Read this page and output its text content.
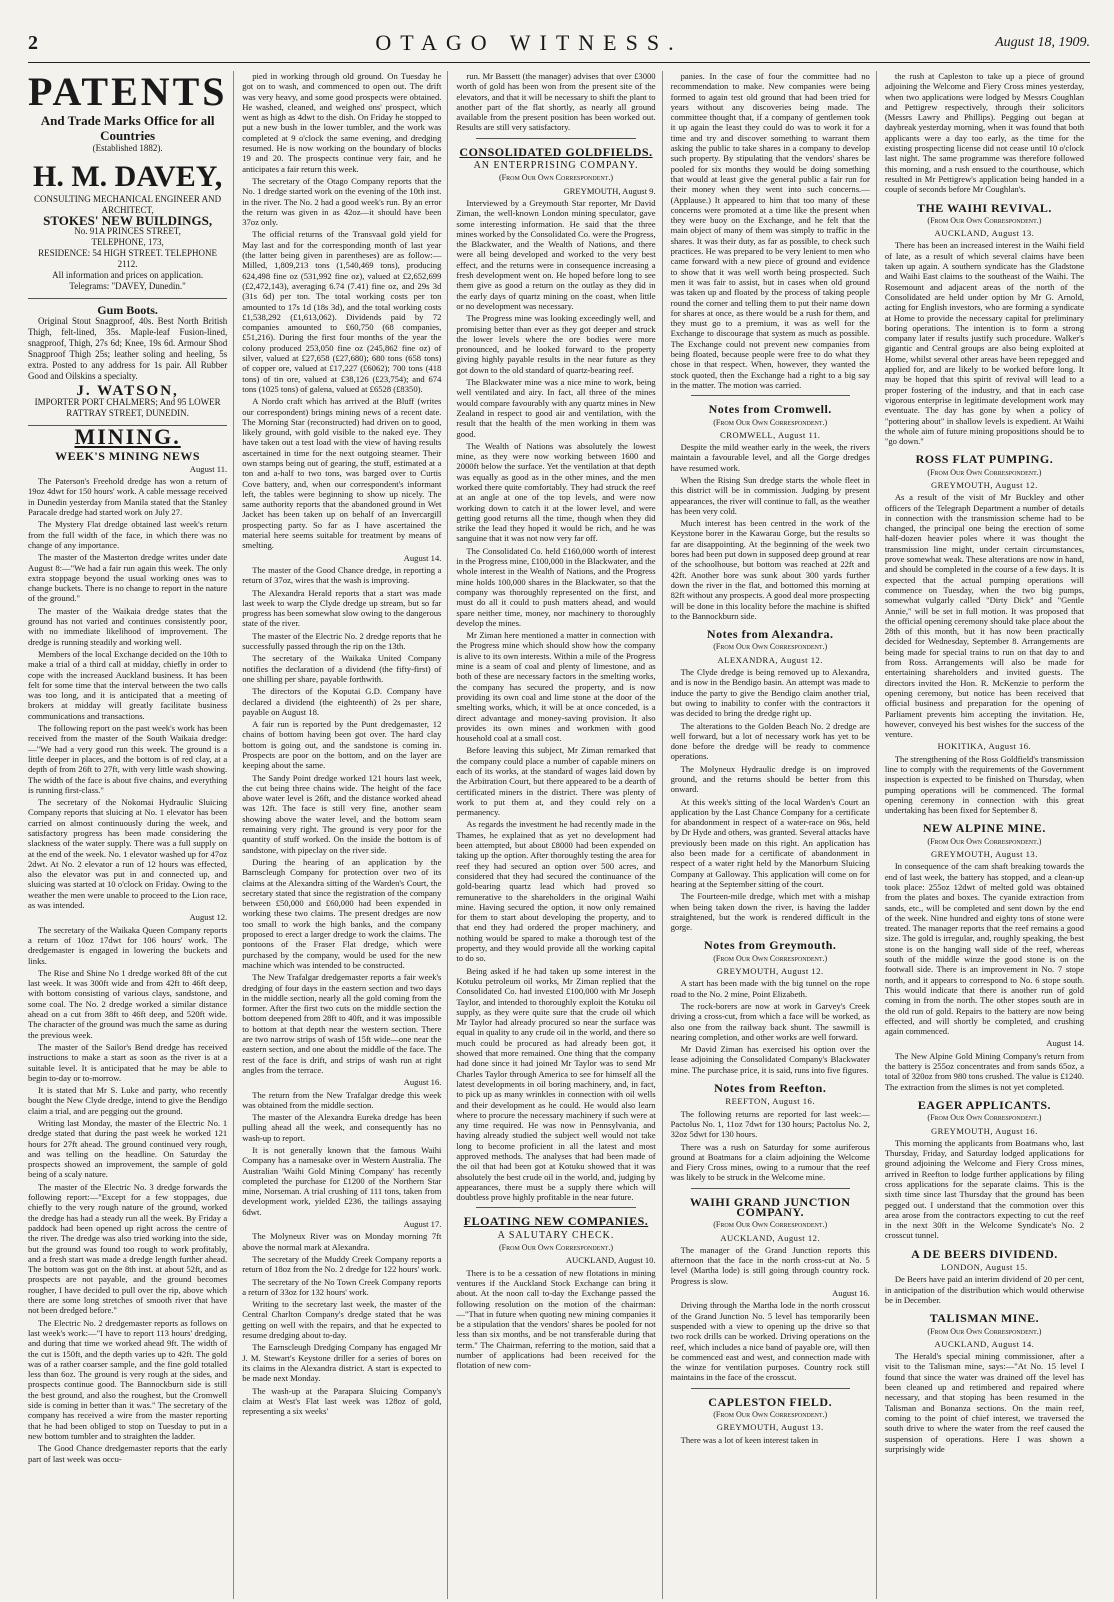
2	OTAGO WITNESS.	August 18, 1909.
PATENTS
And Trade Marks Office for all Countries
(Established 1882).
H. M. DAVEY,
CONSULTING MECHANICAL ENGINEER AND ARCHITECT,
STOKES' NEW BUILDINGS,
No. 91A PRINCES STREET,
TELEPHONE, 173,
RESIDENCE: 54 HIGH STREET. TELEPHONE 2112.
All information and prices on application.
Telegrams: "DAVEY, Dunedin."
Gum Boots.

Original Stout Snagproof, 40s. Best North British Thigh, felt-lined, 35s. Maple-leaf Fusion-lined, snagproof, Thigh, 27s 6d; Knee, 19s 6d. Armour Shod Snagproof Thigh 25s; leather soling and heeling, 5s extra. Posted to any address for 1s pair. All Rubber Good and Oilskins a specialty.

J. WATSON,
IMPORTER PORT CHALMERS; And 95 LOWER RATTRAY STREET, DUNEDIN.
MINING.
WEEK'S MINING NEWS
August 11.

The Paterson's Freehold dredge has won a return of 19oz 4dwt for 150 hours' work. A cable message received in Dunedin yesterday from Manila stated that the Stanley Paracale dredge had started work on July 27.

The Mystery Flat dredge obtained last week's return from the full width of the face, in which there was no change of any importance.

The master of the Masterton dredge writes under date August 8:—"We had a fair run again this week. The only extra stoppage beyond the usual working ones was to change buckets. There is no change to report in the nature of the ground."

The master of the Waikaia dredge states that the ground has not varied and continues consistently poor, with no immediate likelihood of improvement. The dredge is running steadily and working well.

Members of the local Exchange decided on the 10th to make a trial of a third call at midday, chiefly in order to cope with the increased Auckland business. It has been felt for some time that the interval between the two calls was too long, and it is anticipated that a meeting of brokers at midday will greatly facilitate business communications and transactions.

The following report on the past week's work has been received from the master of the South Waikaia dredge:—"We had a very good run this week. The ground is a little deeper in places, and the bottom is of red clay, at a depth of from 26ft to 27ft, with very little wash showing. The width of the face is about five chains, and everything is running first-class."

The secretary of the Nokomai Hydraulic Sluicing Company reports that sluicing at No. 1 elevator has been carried on almost continuously during the week, and satisfactory progress has been made considering the slackness of the water supply. There was a full supply on at the end of the week. No. 1 elevator washed up for 47oz 2dwt. At No. 2 elevator a run of 12 hours was effected, also the elevator was put in and connected up, and sluicing was started at 10 o'clock on Friday. Owing to the weather the men were unable to proceed to the Lion race, as was intended.

August 12.

The secretary of the Waikaka Queen Company reports a return of 10oz 17dwt for 106 hours' work. The dredgemaster is engaged in lowering the buckets and links.

The Rise and Shine No 1 dredge worked 8ft of the cut last week. It was 300ft wide and from 42ft to 46ft deep, with bottom consisting of various clays, sandstone, and some coal. The No. 2 dredge worked a similar distance ahead on a cut from 38ft to 46ft deep, and 520ft wide. The character of the ground was much the same as during the previous week.

The master of the Sailor's Bend dredge has received instructions to make a start as soon as the river is at a suitable level. It is anticipated that he may be able to begin to-day or to-morrow.

It is stated that Mr S. Luke and party, who recently bought the New Clyde dredge, intend to give the Bendigo claim a trial, and are pegging out the ground.

Writing last Monday, the master of the Electric No. 1 dredge stated that during the past week he worked 121 hours for 27ft ahead. The ground continued very rough, and was telling on the headline. On Saturday the prospects showed an improvement, the sample of gold being of a scaly nature.

The master of the Electric No. 3 dredge forwards the following report:—"Except for a few stoppages, due chiefly to the very rough nature of the ground, worked the dredge has had a steady run all the week. By Friday a paddock had been opened up right across the centre of the river. The dredge was also tried working into the side, but the ground was found too rough to work profitably, and a fresh start was made a dredge length further ahead. The bottom was got on the 8th inst. at about 52ft, and as prospects are not payable, and the ground becomes rougher, I have decided to pull over the rip, above which there are some long stretches of smooth river that have not been dredged before."

The Electric No. 2 dredgemaster reports as follows on last week's work:—"I have to report 113 hours' dredging, and during that time we worked ahead 9ft. The width of the cut is 150ft, and the depth varies up to 42ft. The gold was of a rather coarser sample, and the fine gold totalled less than 6oz. The ground is very rough at the sides, and prospects continue good. The Bannockburn side is still the best ground, and also the roughest, but the Cromwell side is coming in better than it was." The secretary of the company has received a wire from the master reporting that he had been obliged to stop on Tuesday to put in a new bottom tumbler and to straighten the ladder.

The Good Chance dredgemaster reports that the early part of last week was occu-

pied in working through old ground. On Tuesday he got on to wash, and commenced to open out. The drift was very heavy, and some good prospects were obtained. He washed, cleaned, and weighed ons' prospect, which went as high as 4dwt to the dish. On Friday he stopped to put a new bush in the lower tumbler, and the work was completed at 9 o'clock the same evening, and dredging resumed. He is now working on the boundary of blocks 19 and 20. The prospects continue very fair, and he anticipates a fair return this week.

The secretary of the Otago Company reports that the No. 1 dredge started work on the evening of the 10th inst. in the river. The No. 2 had a good week's run. By an error the return was given in as 42oz—it should have been 37oz only.

The official returns of the Transvaal gold yield for May last and for the corresponding month of last year (the latter being given in parentheses) are as follow:—Milled, 1,809,213 tons (1,540,469 tons), producing 624,498 fine oz (531,992 fine oz), valued at £2,652,699 (£2,472,143), averaging 6.74 (7.41) fine oz, and 29s 3d (31s 6d) per ton. The total working costs per ton amounted to 17s 1d (18s 3d), and the total working costs £1,538,292 (£1,613,062). Dividends paid by 72 companies amounted to £60,750 (68 companies, £51,216). During the first four months of the year the colony produced 253,050 fine oz (245,862 fine oz) of silver, valued at £27,658 (£27,680); 680 tons (658 tons) of copper ore, valued at £17,227 (£6062); 700 tons (418 tons) of tin ore, valued at £38,126 (£23,754); and 674 tons (1025 tons) of galena, valued at £6528 (£8350).

A Nordo craft which has arrived at the Bluff (writes our correspondent) brings mining news of a recent date. The Morning Star (reconstructed) had driven on to good, likely ground, with gold visible to the naked eye. They have taken out a test load with the view of having results ascertained in time for the next outgoing steamer. Their own stamps being out of gearing, the stuff, estimated at a ton and a-half to two tons, was barged over to Curtis Cove battery, and, when our correspondent's informant left, the tables were beginning to show up nicely. The same authority reports that the abandoned ground in Wet Jacket has been taken up on behalf of an Invercargill prospecting party. So far as I have ascertained the material here seems suitable for treatment by means of smelting.

August 14.

The master of the Good Chance dredge, in reporting a return of 37oz, wires that the wash is improving.

The Alexandra Herald reports that a start was made last week to warp the Clyde dredge up stream, but so far progress has been somewhat slow owing to the dangerous state of the river.

The master of the Electric No. 2 dredge reports that he successfully passed through the rip on the 13th.

The secretary of the Waikaka United Company notifies the declaration of a dividend (the fifty-first) of one shilling per share, payable forthwith.

The directors of the Koputai G.D. Company have declared a dividend (the eighteenth) of 2s per share, payable on August 18.

A fair run is reported by the Punt dredgemaster, 12 chains of bottom having been got over. The hard clay bottom is going out, and the sandstone is coming in. Prospects are poor on the bottom, and on the layer are keeping about the same.

The Sandy Point dredge worked 121 hours last week, the cut being three chains wide. The height of the face above water level is 26ft, and the distance worked ahead was 12ft. The face is still very fine, another seam showing above the water level, and the bottom seam remaining very right. The ground is very poor for the quantity of stuff worked. On the inside the bottom is of sandstone, with pipeclay on the river side.

During the hearing of an application by the Barnscleugh Company for protection over two of its claims at the Alexandra sitting of the Warden's Court, the secretary stated that since the registration of the company between £50,000 and £60,000 had been expended in working these two claims. The present dredges are now too small to work the high banks, and the company proposed to erect a larger dredge to work the claims. The pontoons of the Fraser Flat dredge, which were purchased by the company, would be used for the new machine which was intended to be constructed.

The New Trafalgar dredgemaster reports a fair week's dredging of four days in the eastern section and two days in the middle section, nearly all the gold coming from the former. After the first two cuts on the middle section the bottom deepened from 28ft to 40ft, and it was impossible to bottom at that depth near the western section. There are two narrow strips of wash of 15ft wide—one near the eastern section, and one about the middle of the face. The rest of the face is drift, and strips of wash run at right angles from the terrace.

August 16.

The return from the New Trafalgar dredge this week was obtained from the middle section.

The master of the Alexandra Eureka dredge has been pulling ahead all the week, and consequently has no wash-up to report.

It is not generally known that the famous Waihi Company has a namesake over in Western Australia. The Australian 'Waihi Gold Mining Company' has recently completed the purchase for £1200 of the Northern Star mine, Norseman. A trial crushing of 111 tons, taken from development work, yielded £236, the tailings assaying 6dwt.

August 17.

The Molyneux River was on Monday morning 7ft above the normal mark at Alexandra.

The secretary of the Muddy Creek Company reports a return of 18oz from the No. 2 dredge for 122 hours' work.

The secretary of the No Town Creek Company reports a return of 33oz for 132 hours' work.

Writing to the secretary last week, the master of the Central Charlton Company's dredge stated that he was getting on well with the repairs, and that he expected to resume dredging about to-day.

The Earnscleugh Dredging Company has engaged Mr J. M. Stewart's Keystone driller for a series of bores on its claims in the Alexandra district. A start is expected to be made next Monday.

The wash-up at the Parapara Sluicing Company's claim at West's Flat last week was 128oz of gold, representing a six weeks'

run. Mr Bassett (the manager) advises that over £3000 worth of gold has been won from the present site of the elevators, and that it will be necessary to shift the plant to another part of the flat shortly, as nearly all ground available from the present position has been worked out. Results are still very satisfactory.

CONSOLIDATED GOLDFIELDS.
AN ENTERPRISING COMPANY.
(From Our Own Correspondent.)
GREYMOUTH, August 9.

Interviewed by a Greymouth Star reporter, Mr David Ziman, the well-known London mining speculator, gave some interesting information. He said that the three mines worked by the Consolidated Co. were the Progress, the Blackwater, and the Wealth of Nations, and there were all being developed and worked to the very best effect, and the returns were in consequence increasing a fresh development went on. He hoped before long to see them give as good a return on the outlay as they did in the early days of quartz mining on the coast, when little or no development was necessary.

The Progress mine was looking exceedingly well, and promising better than ever as they got deeper and struck the lower levels where the ore bodies were more pronounced, and he looked forward to the property giving highly payable results in the near future as they got down to the old standard of quartz-bearing reef.

The Blackwater mine was a nice mine to work, being well ventilated and airy. In fact, all three of the mines would compare favourably with any quartz mines in New Zealand in respect to good air and ventilation, with the result that the health of the men working in them was good.

The Wealth of Nations was absolutely the lowest mine, as they were now working between 1600 and 2000ft below the surface. Yet the ventilation at that depth was equally as good as in the other mines, and the men worked there quite comfortably. They had struck the reef at an angle at one of the top levels, and were now working down to catch it at the lower level, and were getting good returns all the time, though when they did strike the lead they hoped it would be rich, and he was sanguine that it was not now very far off.

The Consolidated Co. held £160,000 worth of interest in the Progress mine, £100,000 in the Blackwater, and the whole interest in the Wealth of Nations, and the Progress mine holds 100,000 shares in the Blackwater, so that the company was thoroughly represented on the first, and must do all it could to push matters ahead, and would spare neither time, money, nor machinery to thoroughly develop the mines.

Mr Ziman here mentioned a matter in connection with the Progress mine which should show how the company is alive to its own interests. Within a mile of the Progress mine is a seam of coal and plenty of limestone, and as both of these are necessary factors in the smelting works, the company has secured the property, and is now providing its own coal and lime stone at the door of the smelting works, which, it will be at once conceded, is a direct advantage and money-saving provision. It also provides its own mines and workmen with good household coal at a small cost.

Before leaving this subject, Mr Ziman remarked that the company could place a number of capable miners on each of its works, at the standard of wages laid down by the Arbitration Court, but there appeared to be a dearth of certificated miners in the district. There was plenty of work to put them at, and they could rely on a permanency.

As regards the investment he had recently made in the Thames, he explained that as yet no development had been attempted, but about £8000 had been expended on taking up the option. After thoroughly testing the area for reef they had secured an option over 500 acres, and considered that they had secured the continuance of the gold-bearing quartz lead which had proved so remunerative to the shareholders in the original Waihi mine. Having secured the option, it now only remained for them to start about developing the property, and to that end they had ordered the proper machinery, and nothing would be spared to make a thorough test of the property, and they would provide all the working capital to do so.

Being asked if he had taken up some interest in the Kotuku petroleum oil works, Mr Ziman replied that the Consolidated Co. had invested £100,000 with Mr Joseph Taylor, and intended to thoroughly exploit the Kotuku oil supply, as they were quite sure that the crude oil which Mr Taylor had already procured so near the surface was equal in quality to any crude oil in the world, and there so much could be procured as had already been got, it showed that more remained. One thing that the company had done since it had joined Mr Taylor was to send Mr Charles Taylor through America to see for himself all the latest developments in oil boring machinery, and, in fact, to pick up as many wrinkles in connection with oil wells and their development as he could. He would also learn where to procure the necessary machinery if such were at any time required. He was now in Pennsylvania, and having already studied the subject well would not take long to become proficient in all the latest and most approved methods. The analyses that had been made of the oil that had been got at Kotuku showed that it was absolutely the best crude oil in the world, and, judging by appearances, there must be a supply there which will doubtless prove highly profitable in the near future.

FLOATING NEW COMPANIES.
A SALUTARY CHECK.
(From Our Own Correspondent.)
AUCKLAND, August 10.

There is to be a cessation of new flotations in mining ventures if the Auckland Stock Exchange can bring it about. At the noon call to-day the Exchange passed the following resolution on the motion of the chairman:—"That in future when quoting new mining companies it be a stipulation that the vendors' shares be pooled for not less than six months, and be not transferable during that term." The Chairman, referring to the motion, said that a number of applications had been received for the flotation of new com-

panies. In the case of four the committee had no recommendation to make. New companies were being formed to again test old ground that had been tried for years without any discoveries being made. The committee thought that, if a company of gentlemen took it up again the least they could do was to work it for a time and try and discover something to warrant them asking the public to take shares in a company to develop such property. By stipulating that the vendors' shares be pooled for six months they would be doing something that would at least give the general public a fair run for their money when they went into such concerns.—(Applause.) It appeared to him that too many of these concerns were promoted at a time like the present when they were buoy on the Exchange, and he felt that the main object of many of them was simply to traffic in the shares. It was their duty, as far as possible, to check such practices. He was prepared to be very lenient to men who came forward with a new piece of ground and evidence to show that it was well worth being prospected. Such men it was fair to assist, but in cases when old ground was taken up and floated by the process of taking people round the corner and telling them to put their name down for shares at once, as there would be a rush for them, and they must go to a premium, it was as well for the Exchange to discourage that system as much as possible. The Exchange could not prevent new companies from being floated, because people were free to do what they chose in that respect. When, however, they wanted the stock quoted, then the Exchange had a right to a big say in the matter. The motion was carried.

Notes from Cromwell.
(From Our Own Correspondent.)
CROMWELL, August 11.

Despite the mild weather early in the week, the rivers maintain a favourable level, and all the Gorge dredges have resumed work.

When the Rising Sun dredge starts the whole fleet in this district will be in commission. Judging by present appearances, the river will continue to fall, as the weather has been very cold.

Much interest has been centred in the work of the Keystone borer in the Kawarau Gorge, but the results so far are disappointing. At the beginning of the week two bores had been put down in supposed deep ground at rear of the schoolhouse, but bottom was reached at 22ft and 42ft. Another bore was sunk about 300 yards further down the river in the flat, and bottomed this morning at 82ft without any prospects. A good deal more prospecting will be done in this locality before the machine is shifted to the Bannockburn side.

Notes from Alexandra.
(From Our Own Correspondent.)
ALEXANDRA, August 12.

The Clyde dredge is being removed up to Alexandra, and is now in the Bendigo basin. An attempt was made to induce the party to give the Bendigo claim another trial, but owing to inability to confer with the contractors it was decided to bring the dredge right up.

The alterations to the Golden Beach No. 2 dredge are well forward, but a lot of necessary work has yet to be done before the dredge will be ready to commence operations.

The Molyneux Hydraulic dredge is on improved ground, and the returns should be better from this onward.

At this week's sitting of the local Warden's Court an application by the Last Chance Company for a certificate for abandonment in respect of a water-race on 96s, held by Dr Hyde and others, was granted. Several attacks have previously been made on this right. An application has also been made for a certificate of abandonment in respect of a water right held by the Manorburn Sluicing Company at Galloway. This application will come on for hearing at the September sitting of the court.

The Fourteen-mile dredge, which met with a mishap when being taken down the river, is having the ladder straightened, but the work is rendered difficult in the gorge.

Notes from Greymouth.
(From Our Own Correspondent.)
GREYMOUTH, August 12.

A start has been made with the big tunnel on the rope road to the No. 2 mine, Point Elizabeth.

The rock-borers are now at work in Garvey's Creek driving a cross-cut, from which a face will be worked, as also one from the railway back shunt. The sawmill is nearing completion, and other works are well forward.

Mr David Ziman has exercised his option over the lease adjoining the Consolidated Company's Blackwater mine. The purchase price, it is said, runs into five figures.

Notes from Reefton.
REEFTON, August 16.

The following returns are reported for last week:—Pactolus No. 1, 11oz 7dwt for 130 hours; Pactolus No. 2, 32oz 5dwt for 130 hours.

There was a rush on Saturday for some auriferous ground at Boatmans for a claim adjoining the Welcome and Fiery Cross mines, owing to a rumour that the reef was likely to be struck in the Welcome mine.

WAIHI GRAND JUNCTION COMPANY.
(From Our Own Correspondent.)
AUCKLAND, August 12.

The manager of the Grand Junction reports this afternoon that the face in the north cross-cut at No. 5 level (Martha lode) is still going through country rock. Progress is slow.

August 16.

Driving through the Martha lode in the north crosscut of the Grand Junction No. 5 level has temporarily been suspended with a view to opening up the drive so that two rock drills can be worked. Driving operations on the reef, which includes a nice band of payable ore, will then be commenced east and west, and connection made with the winze for ventilation purposes. Country rock still maintains in the face of the crosscut.

CAPLESTON FIELD.
(From Our Own Correspondent.)
GREYMOUTH, August 13.

There was a lot of keen interest taken in

the rush at Capleston to take up a piece of ground adjoining the Welcome and Fiery Cross mines yesterday, when two applications were lodged by Messrs Coughlan and Pettigrew respectively, through their solicitors (Messrs Lawry and Phillips). Pegging out began at daybreak yesterday morning, when it was found that both applicants were a day too early, as the time for the existing prospecting license did not cease until 10 o'clock last night. The same programme was therefore followed this morning, and a rush ensued to the courthouse, which resulted in Mr Pettigrew's application being handed in a couple of seconds before Mr Coughlan's.

THE WAIHI REVIVAL.
(From Our Own Correspondent.)
AUCKLAND, August 13.

There has been an increased interest in the Waihi field of late, as a result of which several claims have been taken up again. A southern syndicate has the Gladstone and Waihi East claims to the southeast of the Waihi. The Rosemount and adjacent areas of the north of the Consolidated are held under option by Mr G. Arnold, acting for English investors, who are forming a syndicate at Home to provide the necessary capital for preliminary boring operations. The intention is to form a strong company later if results justify such procedure. Walker's gigantic and Central groups are also being exploited at Home, whilst several other areas have been repegged and applied for, and are likely to be worked before long. It may be hoped that this spirit of revival will lead to a proper fostering of the industry, and that in each case vigorous enterprise in legitimate development work may eventuate. The day has gone by when a policy of "pottering about" in shallow levels is expedient. At Waihi the whole aim of future mining propositions should be to "go down."

ROSS FLAT PUMPING.
(From Our Own Correspondent.)
GREYMOUTH, August 12.

As a result of the visit of Mr Buckley and other officers of the Telegraph Department a number of details in connection with the transmission scheme had to be changed, the principal one being the erection of some half-dozen heavier poles where it was thought the transmission line might, under certain circumstances, prove somewhat weak. These alterations are now in hand, and should be completed in the course of a few days. It is expected that the actual pumping operations will commence on Tuesday, when the two big pumps, somewhat vulgarly called "Dirty Dick" and "Gentle Annie," will be set in full motion. It was proposed that the official opening ceremony should take place about the 28th of this month, but it has now been practically decided for Wednesday, September 8. Arrangements are being made for special trains to run on that day to and from Ross. Arrangements will also be made for entertaining shareholders and invited guests. The directors invited the Hon. R. McKenzie to perform the opening ceremony, but notice has been received that official business and preparation for the opening of Parliament prevents him accepting the invitation. He, however, conveyed his best wishes for the success of the venture.

HOKITIKA, August 16.

The strengthening of the Ross Goldfield's transmission line to comply with the requirements of the Government inspection is expected to be finished on Thursday, when pumping operations will be commenced. The formal opening ceremony in connection with this great undertaking has been fixed for September 8.

NEW ALPINE MINE.
(From Our Own Correspondent.)
GREYMOUTH, August 13.

In consequence of the cam shaft breaking towards the end of last week, the battery has stopped, and a clean-up took place: 255oz 12dwt of melted gold was obtained from the plates and boxes. The cyanide extraction from sands, etc., will be completed and sent down by the end of the week. Nine hundred and eighty tons of stone were treated. The manager reports that the reef remains a good size. The gold is irregular, and, roughly speaking, the best stone is on the hanging wall side of the reef, whereas south of the middle winze the good stone is on the footwall side. There is an improvement in No. 7 stope north, and it appears to correspond to No. 6 stope south. This would indicate that there is another run of gold coming in from the north. The other stopes south are in the old run of gold. Repairs to the battery are now being effected, and will shortly be completed, and crushing again commenced.

August 14.

The New Alpine Gold Mining Company's return from the battery is 255oz concentrates and from sands 65oz, a total of 320oz from 980 tons crushed. The value is £1240. The extraction from the slimes is not yet completed.

EAGER APPLICANTS.
(From Our Own Correspondent.)
GREYMOUTH, August 16.

This morning the applicants from Boatmans who, last Thursday, Friday, and Saturday lodged applications for ground adjoining the Welcome and Fiery Cross mines, arrived in Reefton to lodge further applications by filing cross applications for the separate claims. This is the sixth time since last Thursday that the ground has been pegged out. I understand that the commotion over this area arose from the contractors expecting to cut the reef in the next 30ft in the Welcome Syndicate's No. 2 crosscut tunnel.

A DE BEERS DIVIDEND.
LONDON, August 15.

De Beers have paid an interim dividend of 20 per cent, in anticipation of the distribution which would otherwise be in December.

TALISMAN MINE.
(From Our Own Correspondent.)
AUCKLAND, August 14.

The Herald's special mining commissioner, after a visit to the Talisman mine, says:—"At No. 15 level I found that since the water was drained off the level has been cleaned up and retimbered and repaired where necessary, and that stoping has been resumed in the Talisman and Bonanza sections. On the main reef, coming to the point of chief interest, we traversed the south drive to where the water from the reef caused the suspension of operations. Here I was shown a surprisingly wide
